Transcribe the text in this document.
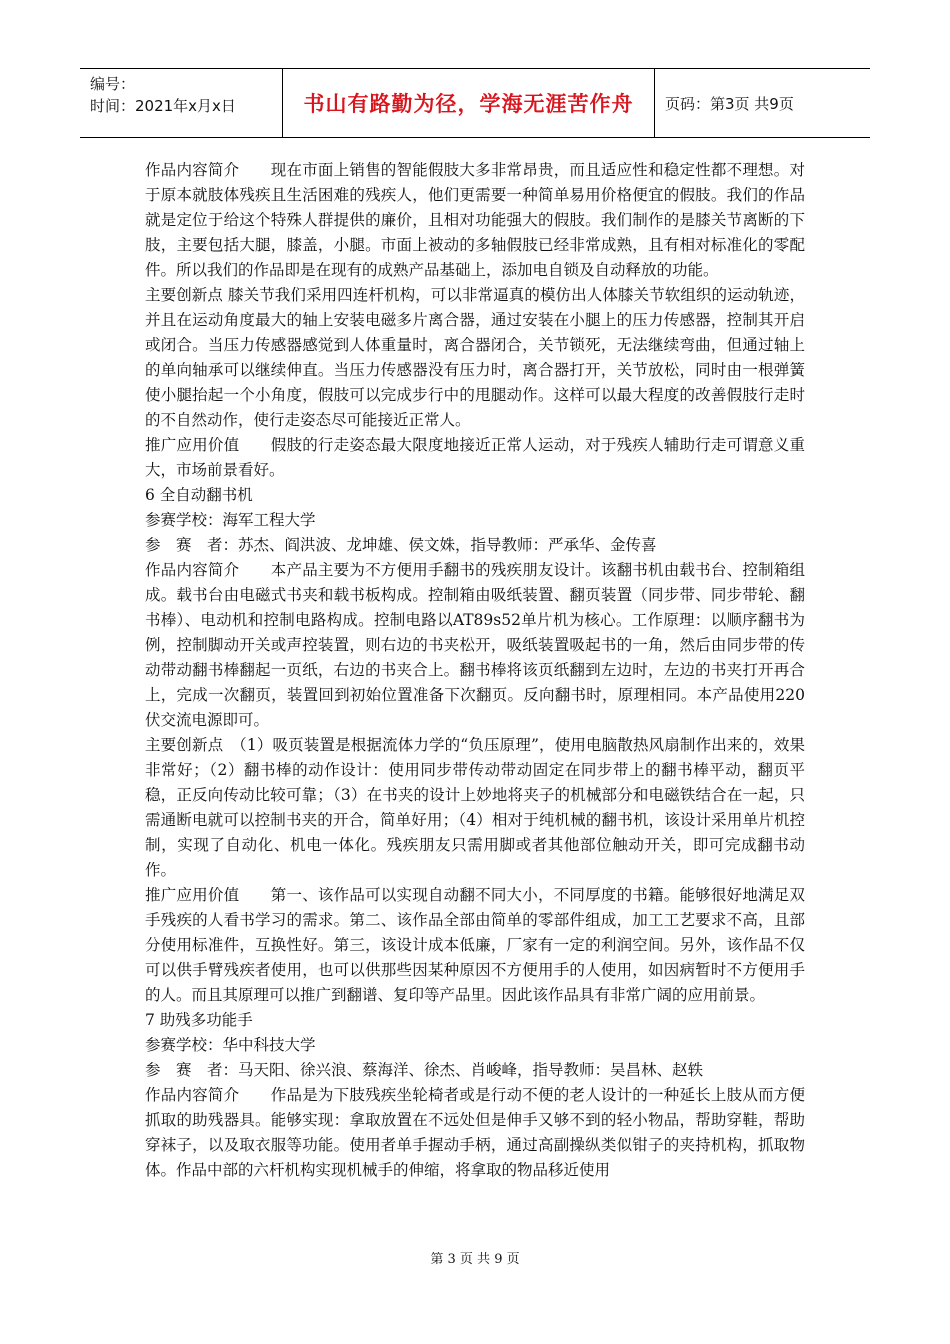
编号：
时间：2021年x月x日	书山有路勤为径，学海无涯苦作舟 页码：第3页 共9页

作品内容简介　　现在市面上销售的智能假肢大多非常昂贵，而且适应性和稳定性都不理想。对于原本就肢体残疾且生活困难的残疾人，他们更需要一种简单易用价格便宜的假肢。我们的作品就是定位于给这个特殊人群提供的廉价，且相对功能强大的假肢。我们制作的是膝关节离断的下肢，主要包括大腿，膝盖，小腿。市面上被动的多轴假肢已经非常成熟，且有相对标准化的零配件。所以我们的作品即是在现有的成熟产品基础上，添加电自锁及自动释放的功能。

主要创新点 膝关节我们采用四连杆机构，可以非常逼真的模仿出人体膝关节软组织的运动轨迹，并且在运动角度最大的轴上安装电磁多片离合器，通过安装在小腿上的压力传感器，控制其开启或闭合。当压力传感器感觉到人体重量时，离合器闭合，关节锁死，无法继续弯曲，但通过轴上的单向轴承可以继续伸直。当压力传感器没有压力时，离合器打开，关节放松，同时由一根弹簧使小腿抬起一个小角度，假肢可以完成步行中的甩腿动作。这样可以最大程度的改善假肢行走时的不自然动作，使行走姿态尽可能接近正常人。

推广应用价值　　假肢的行走姿态最大限度地接近正常人运动，对于残疾人辅助行走可谓意义重大，市场前景看好。

6 全自动翻书机

参赛学校：海军工程大学

参　赛　者：苏杰、阎洪波、龙坤雄、侯文姝，指导教师：严承华、金传喜

作品内容简介　　本产品主要为不方便用手翻书的残疾朋友设计。该翻书机由载书台、控制箱组成。载书台由电磁式书夹和载书板构成。控制箱由吸纸装置、翻页装置（同步带、同步带轮、翻书棒）、电动机和控制电路构成。控制电路以AT89s52单片机为核心。工作原理：以顺序翻书为例，控制脚动开关或声控装置，则右边的书夹松开，吸纸装置吸起书的一角，然后由同步带的传动带动翻书棒翻起一页纸，右边的书夹合上。翻书棒将该页纸翻到左边时，左边的书夹打开再合上，完成一次翻页，装置回到初始位置准备下次翻页。反向翻书时，原理相同。本产品使用220伏交流电源即可。

主要创新点　（1）吸页装置是根据流体力学的“负压原理”，使用电脑散热风扇制作出来的，效果非常好；（2）翻书棒的动作设计：使用同步带传动带动固定在同步带上的翻书棒平动，翻页平稳，正反向传动比较可靠；（3）在书夹的设计上妙地将夹子的机械部分和电磁铁结合在一起，只需通断电就可以控制书夹的开合，简单好用；（4）相对于纯机械的翻书机，该设计采用单片机控制，实现了自动化、机电一体化。残疾朋友只需用脚或者其他部位触动开关，即可完成翻书动作。

推广应用价值　　第一、该作品可以实现自动翻不同大小，不同厚度的书籍。能够很好地满足双手残疾的人看书学习的需求。第二、该作品全部由简单的零部件组成，加工工艺要求不高，且部分使用标准件，互换性好。第三，该设计成本低廉，厂家有一定的利润空间。另外，该作品不仅可以供手臂残疾者使用，也可以供那些因某种原因不方便用手的人使用，如因病暂时不方便用手的人。而且其原理可以推广到翻谱、复印等产品里。因此该作品具有非常广阔的应用前景。

7 助残多功能手

参赛学校：华中科技大学

参　赛　者：马天阳、徐兴浪、蔡海洋、徐杰、肖峻峰，指导教师：吴昌林、赵轶

作品内容简介　　作品是为下肢残疾坐轮椅者或是行动不便的老人设计的一种延长上肢从而方便抓取的助残器具。能够实现：拿取放置在不远处但是伸手又够不到的轻小物品，帮助穿鞋，帮助穿袜子，以及取衣服等功能。使用者单手握动手柄，通过高副操纵类似钳子的夹持机构，抓取物体。作品中部的六杆机构实现机械手的伸缩，将拿取的物品移近使用

第 3 页 共 9 页
